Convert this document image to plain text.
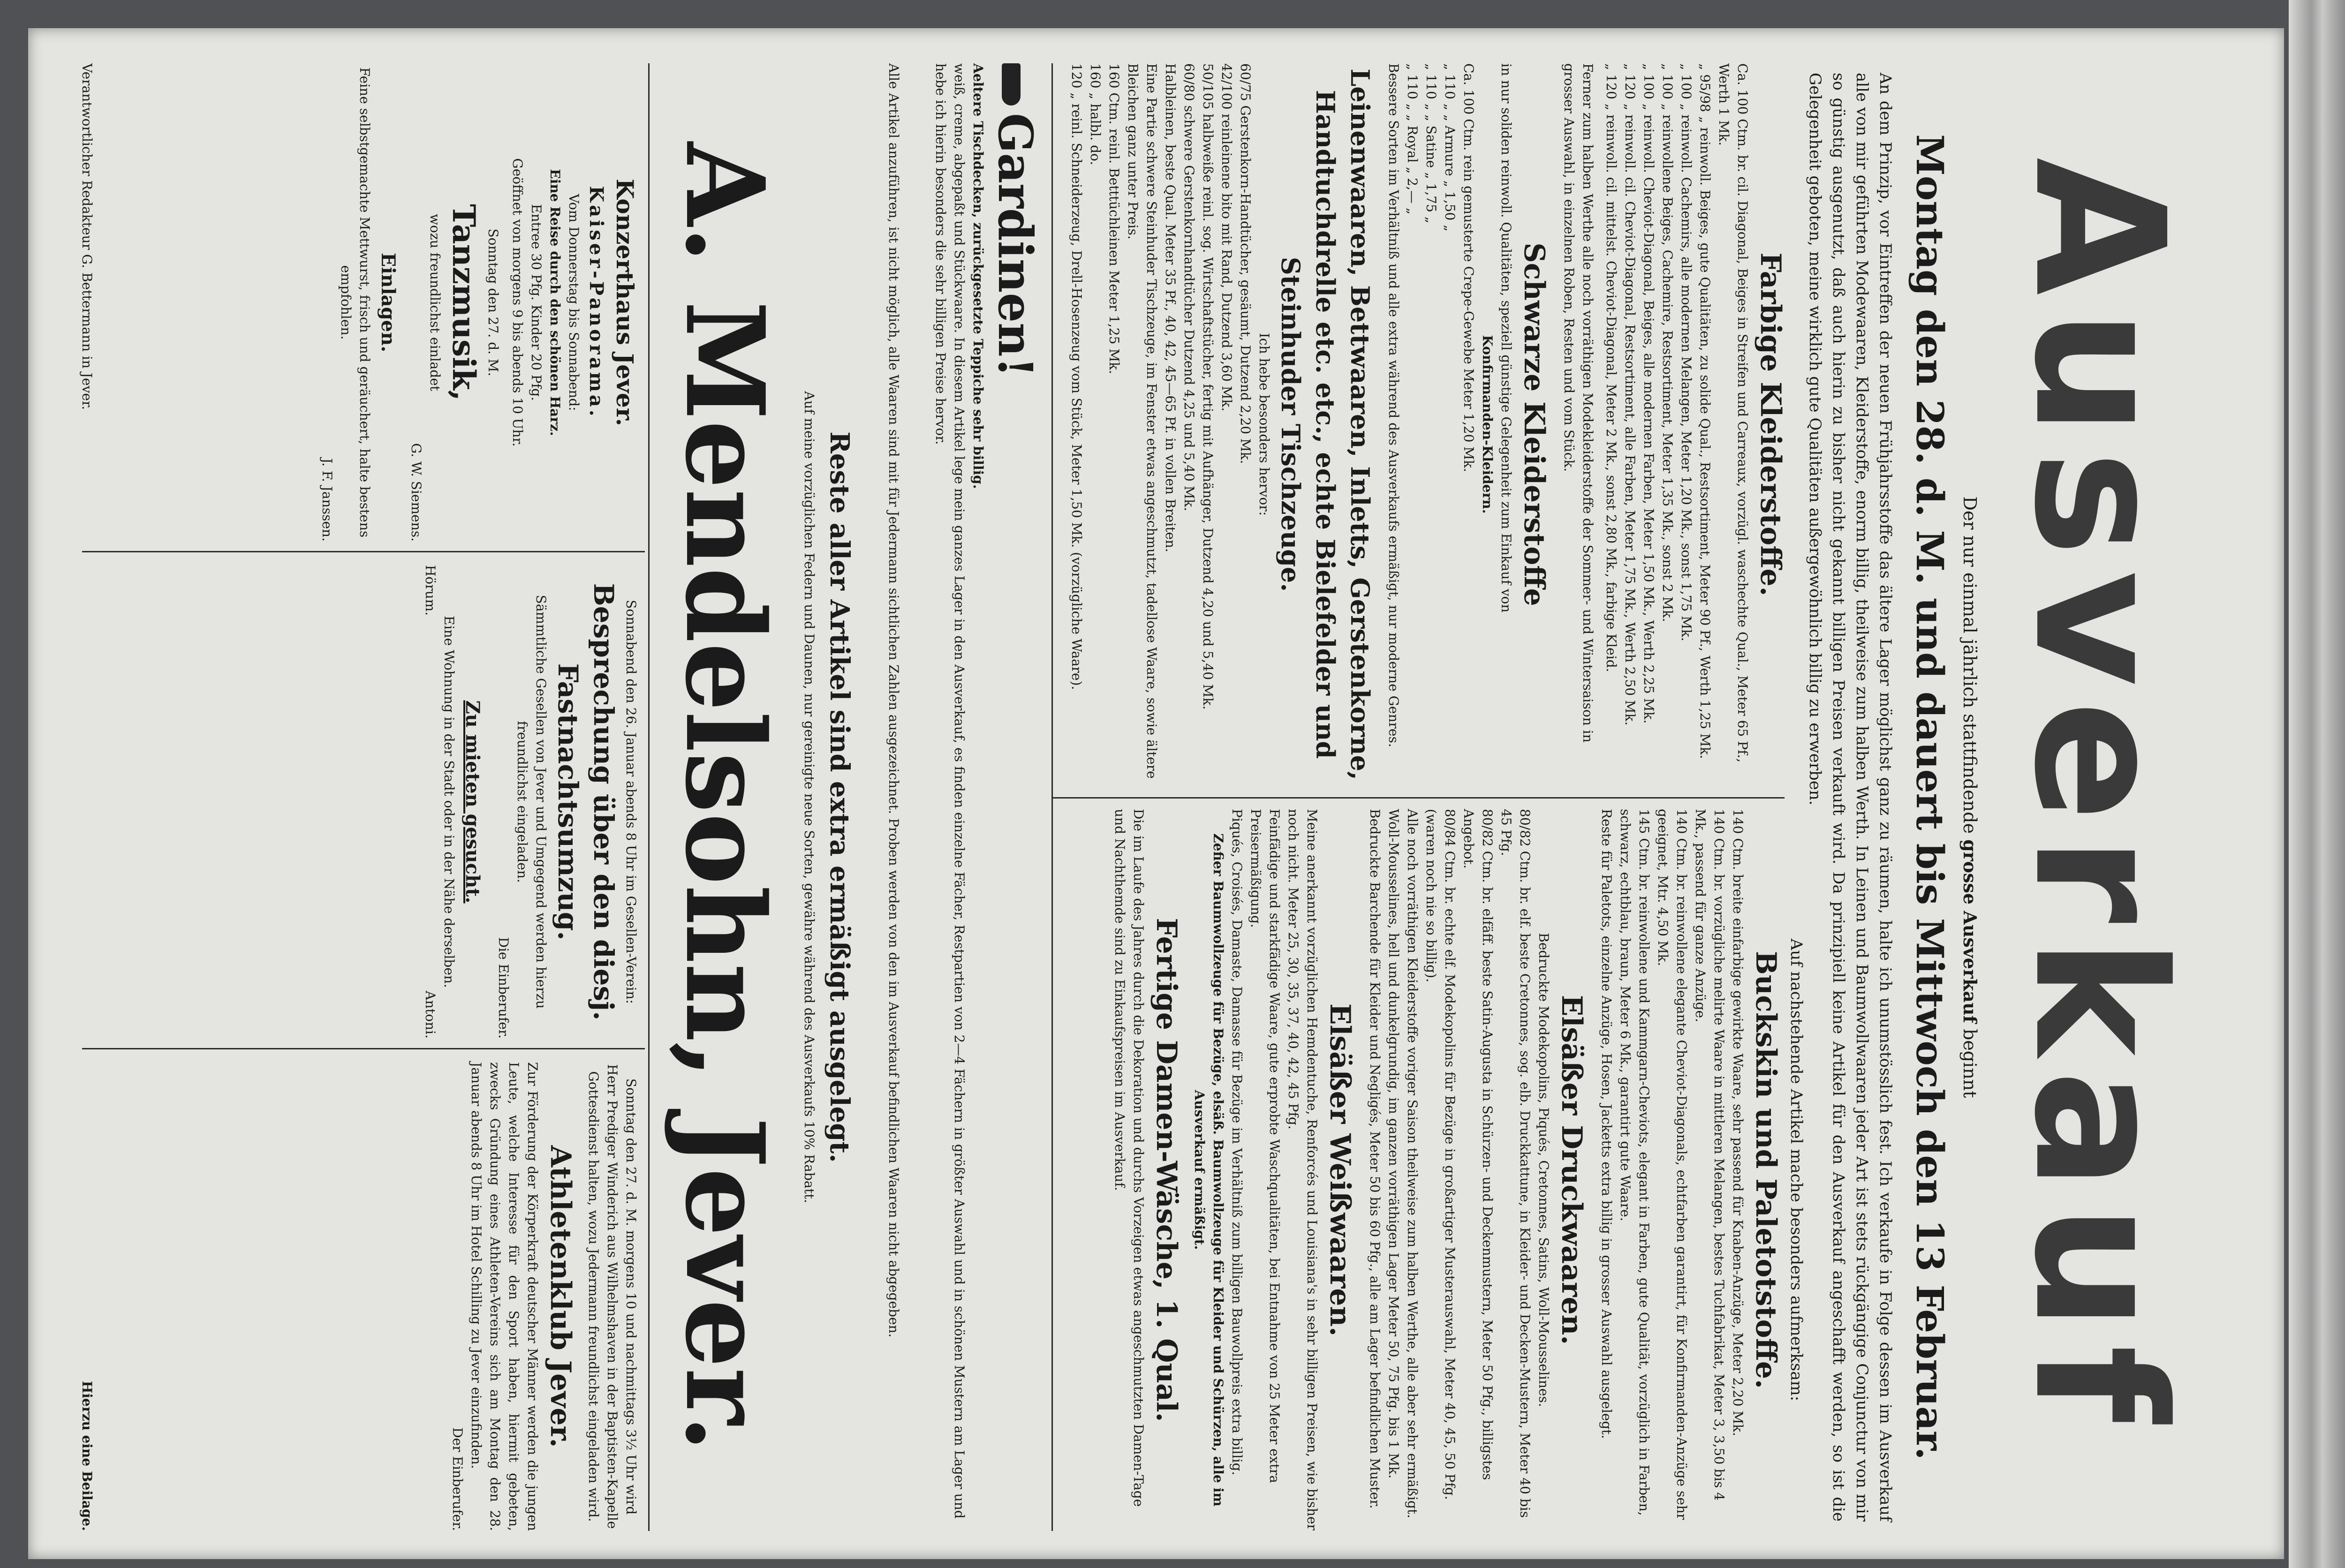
Ausverkauf
Der nur einmal jährlich stattfindende grosse Ausverkauf beginnt
Montag den 28. d. M. und dauert bis Mittwoch den 13 Februar.
An dem Prinzip, vor Eintreffen der neuen Frühjahrsstoffe das ältere Lager möglichst ganz zu räumen, halte ich unumstösslich fest. Ich verkaufe in Folge dessen im Ausverkauf alle von mir geführten Modewaaren, Kleiderstoffe, enorm billig, theilweise zum halben Werth. In Leinen und Baumwollwaaren jeder Art ist stets rückgängige Conjunctur von mir so günstig ausgenutzt, daß auch hierin zu bisher nicht gekannt billigen Preisen verkauft wird. Da prinzipiell keine Artikel für den Ausverkauf angeschafft werden, so ist die Gelegenheit geboten, meine wirklich gute Qualitäten außergewöhnlich billig zu erwerben.
Auf nachstehende Artikel mache besonders aufmerksam:
Farbige Kleiderstoffe.
Ca. 100 Ctm. br. cil. Diagonal, Beiges in Streifen und Carreaux, vorzügl. waschechte Qual., Meter 65 Pf., Werth 1 Mk.
„ 95/98 „ reinwoll. Beiges, gute Qualitäten, zu solide Qual., Restsortiment, Meter 90 Pf., Werth 1,25 Mk.
„ 100 „ reinwoll. Cachemirs, alle modernen Melangen, Meter 1,20 Mk., sonst 1,75 Mk.
„ 100 „ reinwollene Beiges, Cachemire, Restsortiment, Meter 1,35 Mk., sonst 2 Mk.
„ 100 „ reinwoll. Cheviot-Diagonal, Beiges, alle modernen Farben, Meter 1,50 Mk., Werth 2,25 Mk.
„ 120 „ reinwoll. cil. Cheviot-Diagonal, Restsortiment, alle Farben, Meter 1,75 Mk., Werth 2,50 Mk.
„ 120 „ reinwoll. cil. mittelst. Cheviot-Diagonal, Meter 2 Mk., sonst 2,80 Mk., farbige Kleid.
Ferner zum halben Werthe alle noch vorräthigen Modekleiderstoffe der Sommer- und Wintersaison in grosser Auswahl, in einzelnen Roben, Resten und vom Stück.
Schwarze Kleiderstoffe
in nur soliden reinwoll. Qualitäten, speziell günstige Gelegenheit zum Einkauf von
Konfirmanden-Kleidern.
Ca. 100 Ctm. rein gemusterte Crepe-Gewebe Meter 1,20 Mk.
„ 110 „ „ Armure „ 1,50 „
„ 110 „ „ Satine „ 1,75 „
„ 110 „ „ Royal „ 2,— „
Bessere Sorten im Verhältniß und alle extra während des Ausverkaufs ermäßigt, nur moderne Genres.
Leinenwaaren, Bettwaaren, Inletts, Gerstenkorne, Handtuchdrelle etc. etc., echte Bielefelder und Steinhuder Tischzeuge.
Ich hebe besonders hervor:
60/75 Gerstenkorn-Handtücher, gesäumt, Dutzend 2,20 Mk.
42/100 reinleinene bito mit Rand, Dutzend 3,60 Mk.
50/105 halbweiße reinl. sog. Wirtschaftstücher, fertig mit Aufhänger, Dutzend 4,20 und 5,40 Mk.
60/80 schwere Gerstenkornhandtücher Dutzend 4,25 und 5,40 Mk.
Halbleinen, beste Qual. Meter 35 Pf., 40, 42, 45—65 Pf. in vollen Breiten.
Eine Partie schwere Steinhuder Tischzeuge, im Fenster etwas angeschmutzt, tadellose Waare, sowie ältere Bleichen ganz unter Preis.
160 Ctm. reinl. Betttüchleinen Meter 1,25 Mk.
160 „ halbl. do.
120 „ reinl. Schneiderzeug, Drell-Hosenzeug vom Stück, Meter 1,50 Mk. (vorzügliche Waare).
Buckskin und Paletotstoffe.
140 Ctm. breite einfarbige gewirkte Waare, sehr passend für Knaben-Anzüge, Meter 2,20 Mk.
140 Ctm. br. vorzügliche melirte Waare in mittleren Melangen, bestes Tuchfabrikat, Meter 3, 3,50 bis 4 Mk., passend für ganze Anzüge.
140 Ctm. br. reinwollene elegante Cheviot-Diagonals, echtfarben garantirt, für Konfirmanden-Anzüge sehr geeignet, Mtr. 4,50 Mk.
145 Ctm. br. reinwollene und Kammgarn-Cheviots, elegant in Farben, gute Qualität, vorzüglich in Farben, schwarz, echtblau, braun, Meter 6 Mk., garantirt gute Waare.
Reste für Paletots, einzelne Anzüge, Hosen, Jacketts extra billig in grosser Auswahl ausgelegt.
Elsäßer Druckwaaren.
Bedruckte Modekopolins, Piqués, Cretonnes, Satins, Woll-Mousselines.
80/82 Ctm. br. elf. beste Cretonnes, sog. elb. Druckkattune, in Kleider- und Decken-Mustern, Meter 40 bis 45 Pfg.
80/82 Ctm. br. elfäff. beste Satin-Augusta in Schürzen- und Deckenmustern, Meter 50 Pfg., billigstes Angebot.
80/84 Ctm. br. echte elf. Modekopolins für Bezüge in großartiger Musterauswahl, Meter 40, 45, 50 Pfg. (waren noch nie so billig).
Alle noch vorräthigen Kleiderstoffe voriger Saison theilweise zum halben Werthe, alle aber sehr ermäßigt. Woll-Mousselines, hell und dunkelgrundig, im ganzen vorräthigen Lager Meter 50, 75 Pfg. bis 1 Mk. Bedruckte Barchende für Kleider und Negligés, Meter 50 bis 60 Pfg., alle am Lager befindlichen Muster.
Elsäßer Weißwaaren.
Meine anerkannt vorzüglichen Hemdentuche, Renforcés und Louisiana's in sehr billigen Preisen, wie bisher noch nicht. Meter 25, 30, 35, 37, 40, 42, 45 Pfg.
Feinfädige und starkfädige Waare, gute erprobte Waschqualitäten, bei Entnahme von 25 Meter extra Preisermäßigung.
Piqués, Croisés, Damaste, Damasse für Bezüge im Verhältniß zum billigen Bauwollpreis extra billig.
Zefier Baumwollzeuge für Bezüge, elsäß. Baumwollzeuge für Kleider und Schürzen, alle im Ausverkauf ermäßigt.
Fertige Damen-Wäsche, 1. Qual.
Die im Laufe des Jahres durch die Dekoration und durchs Vorzeigen etwas angeschmutzten Damen-Tage und Nachthemde sind zu Einkaufspreisen im Ausverkauf.
Gardinen!
Aeltere Tischdecken, zurückgesetzte Teppiche sehr billig.
weiß, creme, abgepaßt und Stückwaare. In diesem Artikel lege mein ganzes Lager in den Ausverkauf, es finden einzelne Fächer, Restpartien von 2—4 Fächern in größter Auswahl und in schönen Mustern am Lager und hebe ich hierin besonders die sehr billigen Preise hervor.
Alle Artikel anzuführen, ist nicht möglich, alle Waaren sind mit für Jedermann sichtlichen Zahlen ausgezeichnet. Proben werden von den im Ausverkauf befindlichen Waaren nicht abgegeben.
Reste aller Artikel sind extra ermäßigt ausgelegt.
Auf meine vorzüglichen Federn und Daunen, nur gereinigte neue Sorten, gewähre während des Ausverkaufs 10% Rabatt.
A. Mendelsohn, Jever.
Sonntag den 27. d. M. morgens 10 und nachmittags 3½ Uhr wird Herr Prediger Winderich aus Wilhelmshaven in der Baptisten-Kapelle Gottesdienst halten, wozu Jedermann freundlichst eingeladen wird.
Athletenklub Jever.
Zur Förderung der Körperkraft deutscher Männer werden die jungen Leute, welche Interesse für den Sport haben, hiermit gebeten, zwecks Gründung eines Athleten-Vereins sich am Montag den 28. Januar abends 8 Uhr im Hotel Schilling zu Jever einzufinden.
Der Einberufer.
Sonnabend den 26. Januar abends 8 Uhr im Gesellen-Verein:
Besprechung über den diesj. Fastnachtsumzug.
Sämmtliche Gesellen von Jever und Umgegend werden hierzu freundlichst eingeladen.
Die Einberufer.
Zu mieten gesucht.
Eine Wohnung in der Stadt oder in der Nähe derselben.
Hörum.
Antoni.
Konzerthaus Jever.
Kaiser-Panorama.
Vom Donnerstag bis Sonnabend:
Eine Reise durch den schönen Harz.
Entree 30 Pfg. Kinder 20 Pfg.
Geöffnet von morgens 9 bis abends 10 Uhr.
Sonntag den 27. d. M.
Tanzmusik,
wozu freundlichst einladet
G. W. Siemens.
Einlagen.
Feine selbstgemachte Mettwurst, frisch und geräuchert, halte bestens empfohlen.
J. F. Janssen.
Verantwortlicher Redakteur G. Bettermann in Jever.
Hierzu eine Beilage.
